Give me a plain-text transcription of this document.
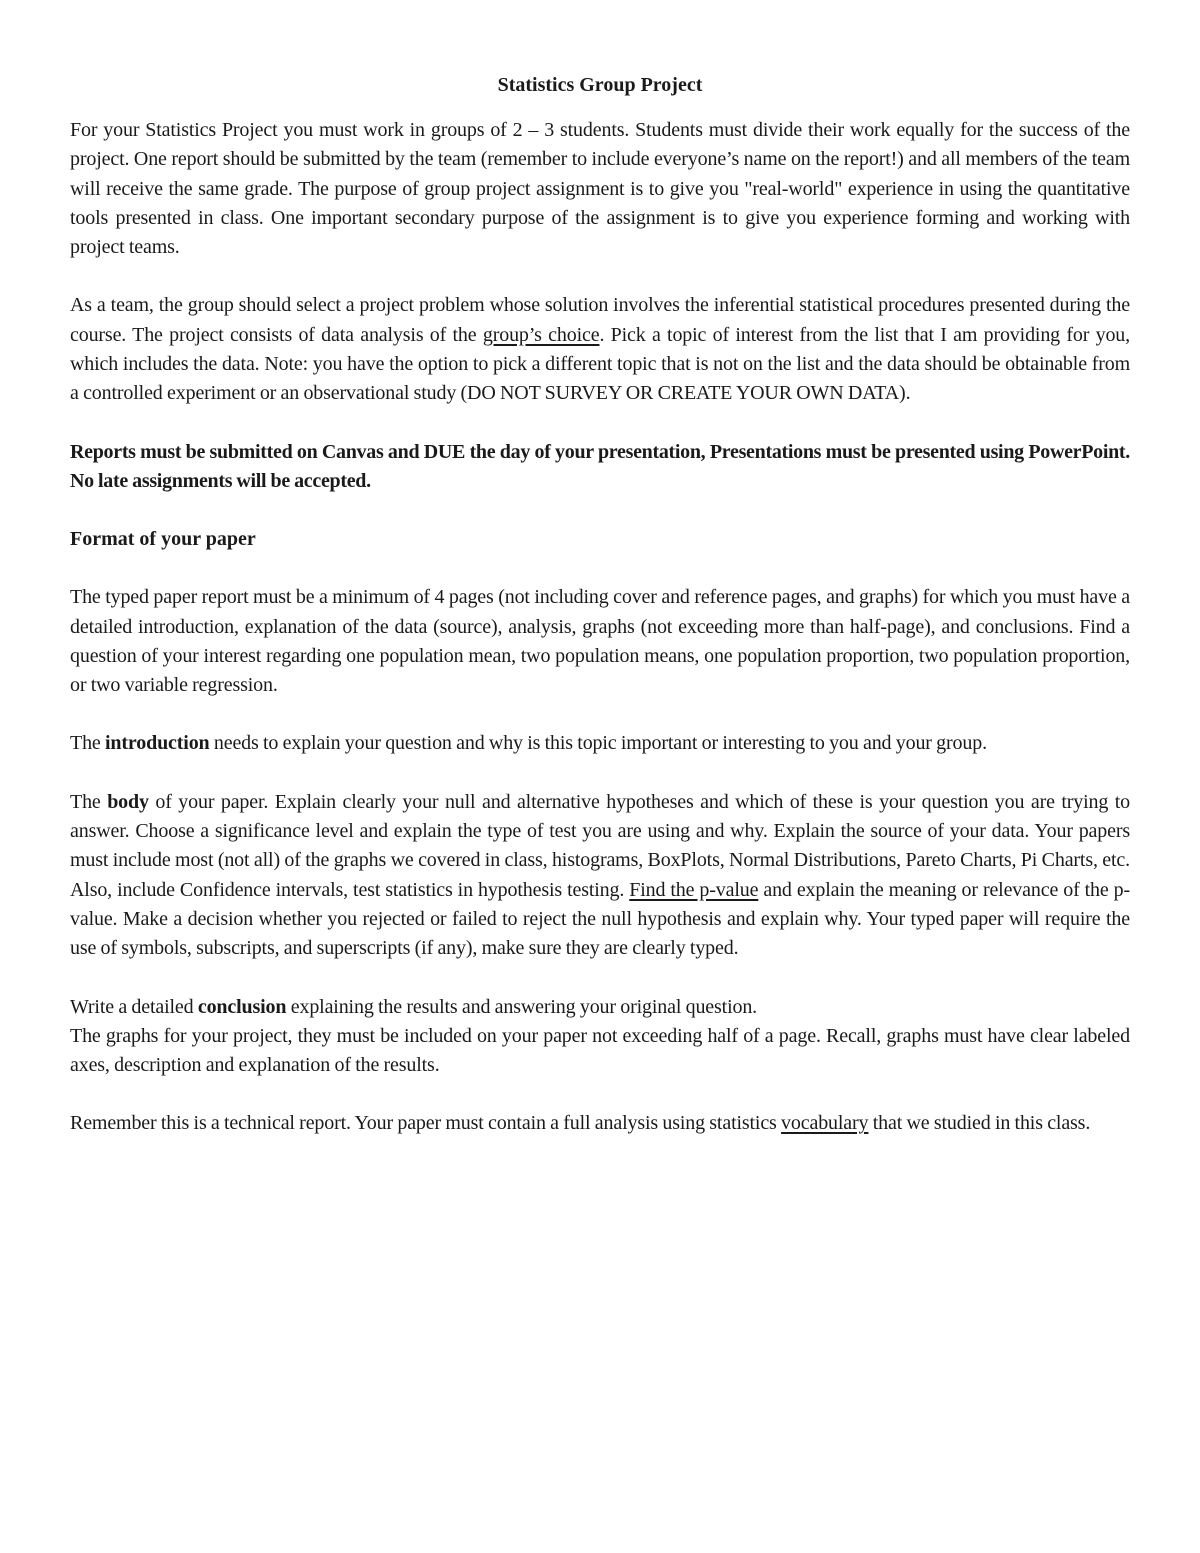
Statistics Group Project

For your Statistics Project you must work in groups of 2 – 3 students. Students must divide their work equally for the success of the project. One report should be submitted by the team (remember to include everyone’s name on the report!) and all members of the team will receive the same grade. The purpose of group project assignment is to give you "real-world" experience in using the quantitative tools presented in class. One important secondary purpose of the assignment is to give you experience forming and working with project teams.

As a team, the group should select a project problem whose solution involves the inferential statistical procedures presented during the course. The project consists of data analysis of the group’s choice. Pick a topic of interest from the list that I am providing for you, which includes the data. Note: you have the option to pick a different topic that is not on the list and the data should be obtainable from a controlled experiment or an observational study (DO NOT SURVEY OR CREATE YOUR OWN DATA).

Reports must be submitted on Canvas and DUE the day of your presentation, Presentations must be presented using PowerPoint. No late assignments will be accepted.

Format of your paper

The typed paper report must be a minimum of 4 pages (not including cover and reference pages, and graphs) for which you must have a detailed introduction, explanation of the data (source), analysis, graphs (not exceeding more than half-page), and conclusions. Find a question of your interest regarding one population mean, two population means, one population proportion, two population proportion, or two variable regression.

The introduction needs to explain your question and why is this topic important or interesting to you and your group.

The body of your paper. Explain clearly your null and alternative hypotheses and which of these is your question you are trying to answer. Choose a significance level and explain the type of test you are using and why. Explain the source of your data. Your papers must include most (not all) of the graphs we covered in class, histograms, BoxPlots, Normal Distributions, Pareto Charts, Pi Charts, etc. Also, include Confidence intervals, test statistics in hypothesis testing. Find the p-value and explain the meaning or relevance of the p-value. Make a decision whether you rejected or failed to reject the null hypothesis and explain why. Your typed paper will require the use of symbols, subscripts, and superscripts (if any), make sure they are clearly typed.

Write a detailed conclusion explaining the results and answering your original question.

The graphs for your project, they must be included on your paper not exceeding half of a page. Recall, graphs must have clear labeled axes, description and explanation of the results.

Remember this is a technical report. Your paper must contain a full analysis using statistics vocabulary that we studied in this class.
